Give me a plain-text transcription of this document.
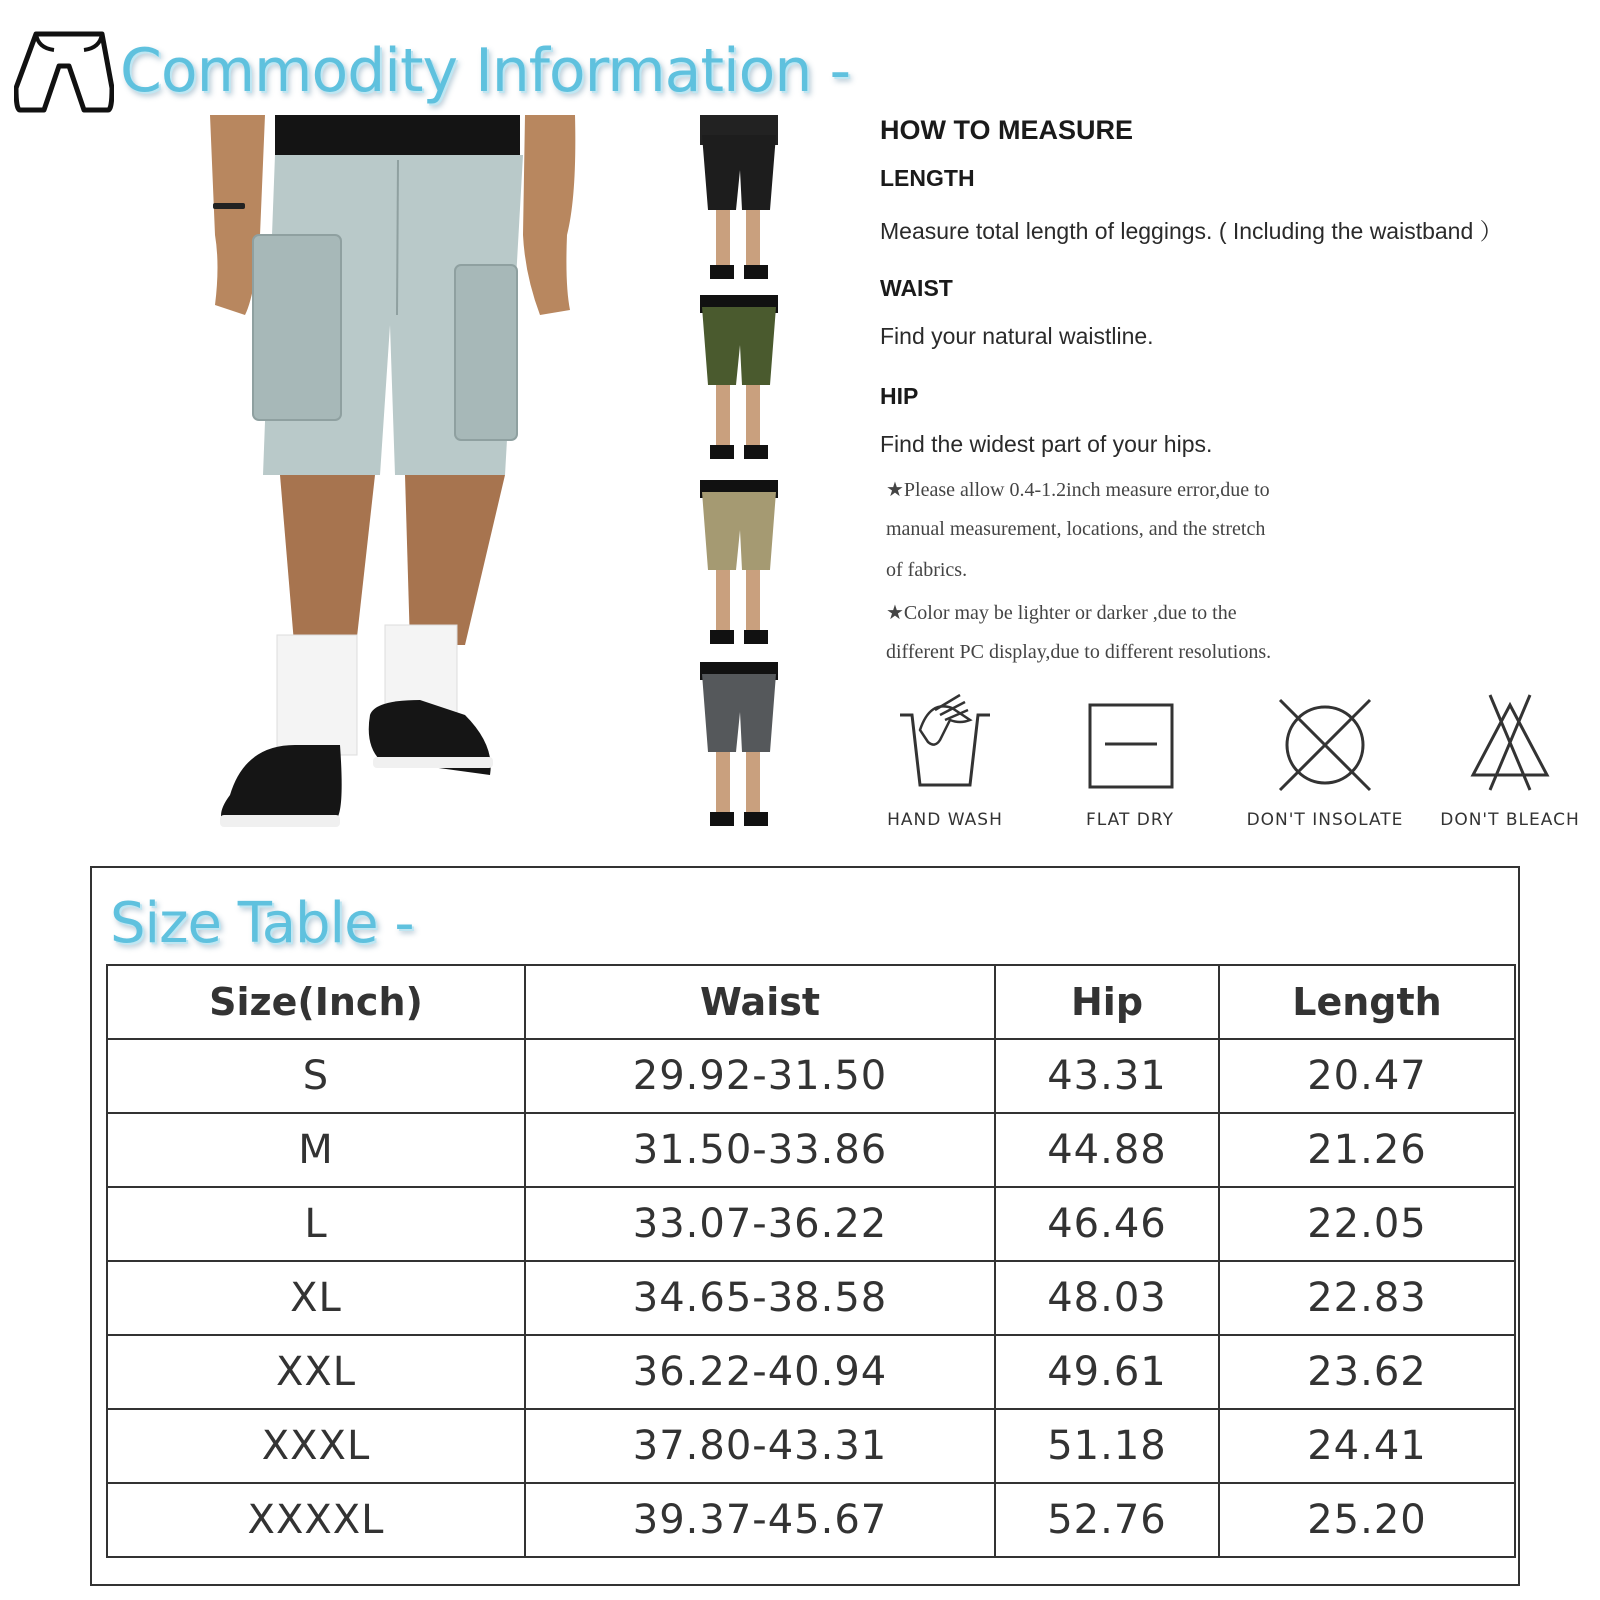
Commodity Information -
HOW TO MEASURE
LENGTH
Measure total length of leggings. ( Including the waistband ）
WAIST
Find your natural waistline.
HIP
Find the widest part of your hips.
★Please allow 0.4-1.2inch measure error,due to
manual measurement, locations, and the stretch
of fabrics.
★Color may be lighter or darker ,due to the
different PC display,due to different resolutions.
HAND WASH	FLAT DRY	DON'T INSOLATE	DON'T BLEACH
Size Table -
Size(Inch)	Waist	Hip	Length
S	29.92-31.50	43.31	20.47
M	31.50-33.86	44.88	21.26
L	33.07-36.22	46.46	22.05
XL	34.65-38.58	48.03	22.83
XXL	36.22-40.94	49.61	23.62
XXXL	37.80-43.31	51.18	24.41
XXXXL	39.37-45.67	52.76	25.20
